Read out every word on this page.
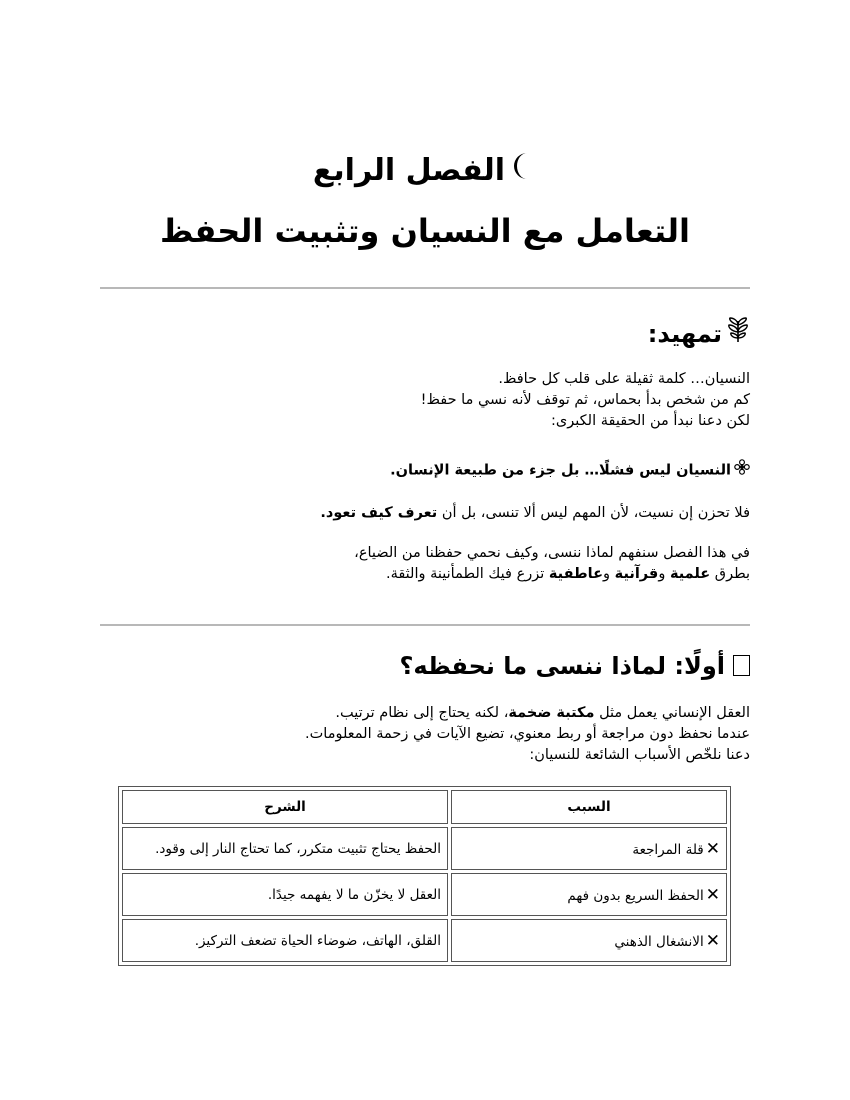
الفصل الرابع
التعامل مع النسيان وتثبيت الحفظ
تمهيد:

النسيان… كلمة ثقيلة على قلب كل حافظ.

كم من شخص بدأ بحماس، ثم توقف لأنه نسي ما حفظ!

لكن دعنا نبدأ من الحقيقة الكبرى:

النسيان ليس فشلًا… بل جزء من طبيعة الإنسان.
فلا تحزن إن نسيت، لأن المهم ليس ألا تنسى، بل أن تعرف كيف تعود.

في هذا الفصل سنفهم لماذا ننسى، وكيف نحمي حفظنا من الضياع،

بطرق علمية وقرآنية وعاطفية تزرع فيك الطمأنينة والثقة.

أولًا: لماذا ننسى ما نحفظه؟

العقل الإنساني يعمل مثل مكتبة ضخمة، لكنه يحتاج إلى نظام ترتيب.

عندما نحفظ دون مراجعة أو ربط معنوي، تضيع الآيات في زحمة المعلومات.

دعنا نلخّص الأسباب الشائعة للنسيان:

السبب	الشرح
✕قلة المراجعة	الحفظ يحتاج تثبيت متكرر، كما تحتاج النار إلى وقود.
✕الحفظ السريع بدون فهم	العقل لا يخزّن ما لا يفهمه جيدًا.
✕الانشغال الذهني	القلق، الهاتف، ضوضاء الحياة تضعف التركيز.
